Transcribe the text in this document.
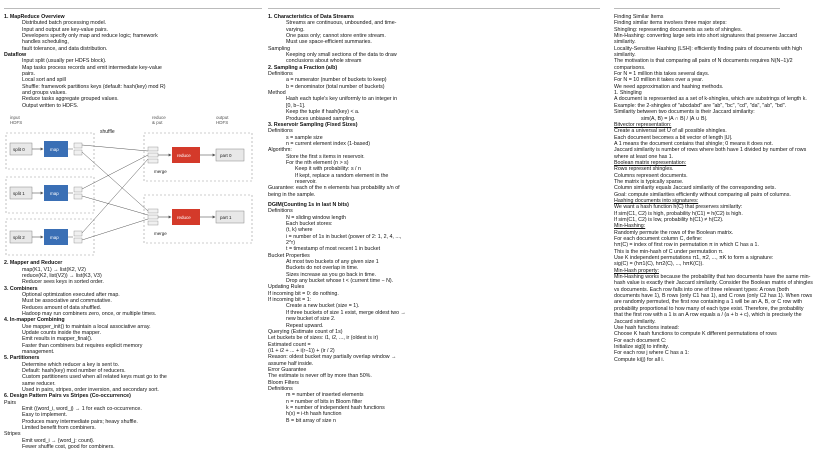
1. MapReduce Overview
Distributed batch processing model.
Input and output are key-value pairs.
Developers specify only map and reduce logic; framework
handles scheduling,
fault tolerance, and data distribution.
Dataflow
Input split (usually per HDFS block).
Map tasks process records and emit intermediate key-value
pairs.
Local sort and spill
Shuffle: framework partitions keys (default: hash(key) mod R)
and groups values.
Reduce tasks aggregate grouped values.
Output written to HDFS.
input
HDFS
shuffle
reduce
& put
output
HDFS
split 0
split 1
split 2
map
map
map
merge
merge
reduce
reduce
part 0
part 1
2. Mapper and Reducer
map(K1, V1) → list(K2, V2)
reduce(K2, list(V2)) → list(K3, V3)
Reducer sees keys in sorted order.
3. Combiners
Optional optimization executed after map.
Must be associative and commutative.
Reduces amount of data shuffled.
Hadoop may run combiners zero, once, or multiple times.
4. In-mapper Combining
Use mapper_init() to maintain a local associative array.
Update counts inside the mapper.
Emit results in mapper_final().
Faster than combiners but requires explicit memory
management.
5. Partitioners
Determine which reducer a key is sent to.
Default: hash(key) mod number of reducers.
Custom partitioners used when all related keys must go to the
same reducer.
Used in pairs, stripes, order inversion, and secondary sort.
6. Design Pattern Pairs vs Stripes (Co-occurrence)
Pairs
Emit ((word_i, word_j) → 1 for each co-occurrence.
Easy to implement.
Produces many intermediate pairs; heavy shuffle.
Limited benefit from combiners.
Stripes
Emit word_i → {word_j: count}.
Fewer shuffle cost, good for combiners.
1. Characteristics of Data Streams
Streams are continuous, unbounded, and time-
varying.
One pass only; cannot store entire stream.
Must use space-efficient summaries.
Sampling
Keeping only small sections of the data to draw
conclusions about whole stream
2. Sampling a Fraction (a/b)
Definitions
a = numerator (number of buckets to keep)
b = denominator (total number of buckets)
Method
Hash each tuple's key uniformly to an integer in
[0, b−1].
Keep the tuple if hash(key) < a.
Produces unbiased sampling.
3. Reservoir Sampling (Fixed Sizes)
Definitions
s = sample size
n = current element index (1-based)
Algorithm:
Store the first s items in reservoir.
For the nth element (n > s)
Keep it with probability: s / n
If kept, replace a random element in the
reservoir.
Guarantee: each of the n elements has probability s/n of
being in the sample.
DGIM(Counting 1s in last N bits)
Definitions
N = sliding window length
Each bucket stores:
(t, k) where
i = number of 1s in bucket (power of 2: 1, 2, 4, ...,
2^r)
t = timestamp of most recent 1 in bucket
Bucket Properties
At most two buckets of any given size 1
Buckets do not overlap in time.
Sizes increase as you go back in time.
Drop any bucket whose t < (current time − N).
Updating Rules
If incoming bit = 0: do nothing.
If incoming bit = 1:
Create a new bucket (size = 1).
If three buckets of size 1 exist, merge oldest two →
new bucket of size 2.
Repeat upward.
Querying (Estimate count of 1s)
Let buckets be of sizes: i1, i2, ..., ir (oldest is ir)
Estimated count =
(i1 + i2 + ... + i(r−1)) + (ir / 2)
Reason: oldest bucket may partially overlap window →
assume half inside.
Error Guarantee
The estimate is never off by more than 50%.
Bloom Filters
Definitions
m = number of inserted elements
n = number of bits in Bloom filter
k = number of independent hash functions
h(x) = i-th hash function
B = bit array of size n
Finding Similar Items
Finding similar items involves three major steps:
Shingling: representing documents as sets of shingles.
Min-Hashing: converting large sets into short signatures that preserve Jaccard
similarity.
Locality-Sensitive Hashing (LSH): efficiently finding pairs of documents with high
similarity.
The motivation is that comparing all pairs of N documents requires N(N−1)/2
comparisons.
For N = 1 million this takes several days.
For N = 10 million it takes over a year.
We need approximation and hashing methods.
1. Shingling
A document is represented as a set of k-shingles, which are substrings of length k.
Example: the 2-shingles of "abcdabd" are "ab", "bc", "cd", "da", "ab", "bd".
Similarity between two documents is their Jaccard similarity:
sim(A, B) = |A ∩ B| / |A ∪ B|.
Bitvector representation:
Create a universal set U of all possible shingles.
Each document becomes a bit vector of length |U|.
A 1 means the document contains that shingle; 0 means it does not.
Jaccard similarity is number of rows where both have 1 divided by number of rows
where at least one has 1.
Boolean matrix representation:
Rows represent shingles.
Columns represent documents.
The matrix is typically sparse.
Column similarity equals Jaccard similarity of the corresponding sets.
Goal: compute similarities efficiently without comparing all pairs of columns.
Hashing documents into signatures:
We want a hash function h(C) that preserves similarity:
If sim(C1, C2) is high, probability h(C1) = h(C2) is high.
If sim(C1, C2) is low, probability h(C1) ≠ h(C2).
Min-Hashing:
Randomly permute the rows of the Boolean matrix.
For each document column C, define:
hπ(C) = index of first row in permutation π in which C has a 1.
This is the min-hash of C under permutation π.
Use K independent permutations π1, π2, ..., πK to form a signature:
sig(C) = (hπ1(C), hπ2(C), ..., hπK(C)).
Min-Hash property:
Min-Hashing works because the probability that two documents have the same min-
hash value is exactly their Jaccard similarity. Consider the Boolean matrix of shingles
vs documents. Each row falls into one of three relevant types: A rows (both
documents have 1), B rows (only C1 has 1), and C rows (only C2 has 1). When rows
are randomly permuted, the first row containing a 1 will be an A, B, or C row with
probability proportional to how many of each type exist. Therefore, the probability
that the first row with a 1 is an A row equals a / (a + b + c), which is precisely the
Jaccard similarity.
Use hash functions instead:
Choose K hash functions to compute K different permutations of rows
For each document C:
Initialize sig[i] to infinity.
For each row j where C has a 1:
Compute ki(j) for all i.
